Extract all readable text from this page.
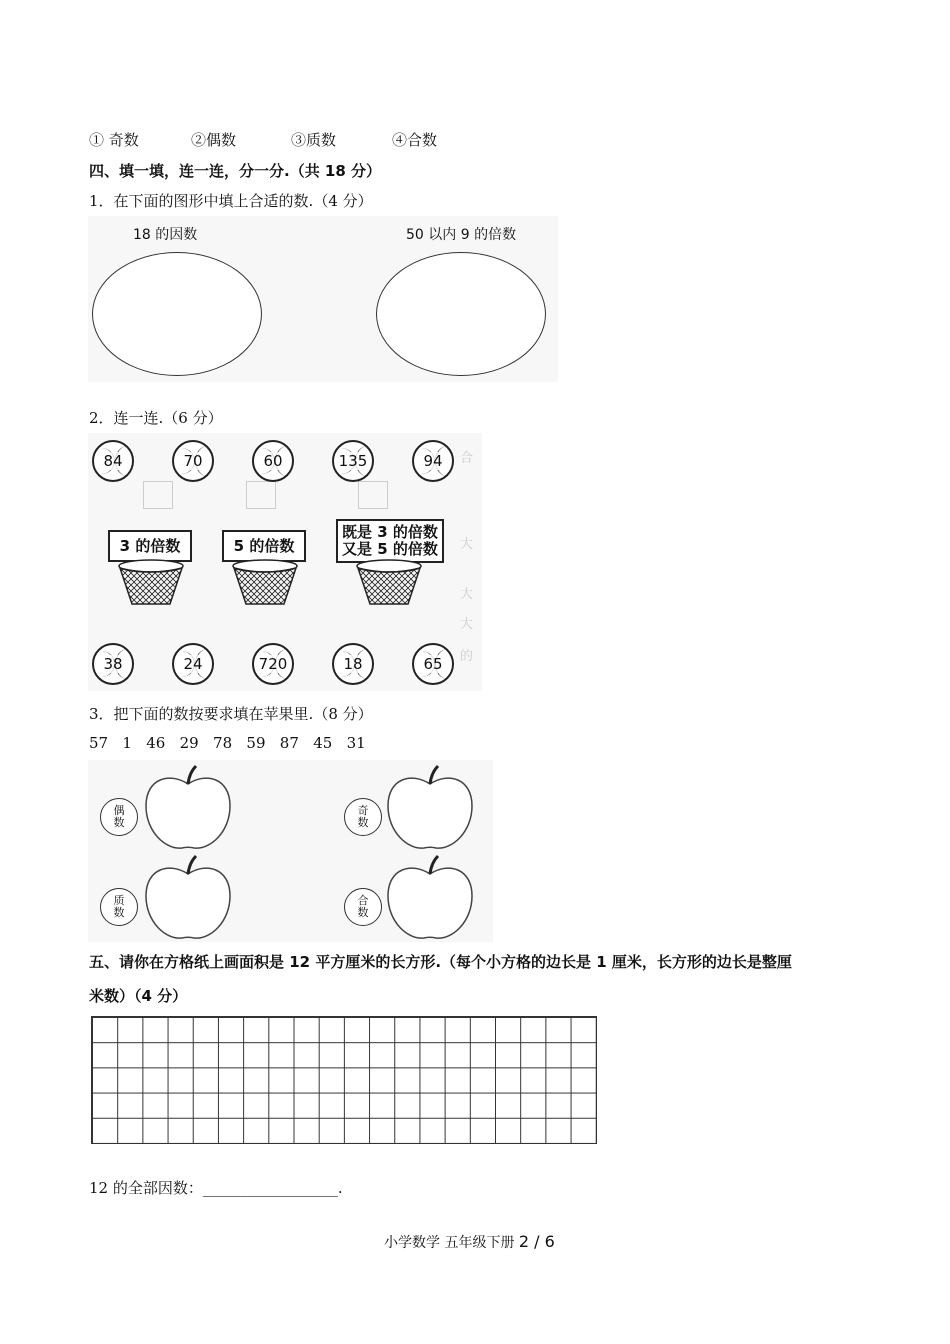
① 奇数	②偶数	③质数	④合数
四、填一填，连一连，分一分.（共 18 分）
1．在下面的图形中填上合适的数.（4 分）
18 的因数	50 以内 9 的倍数
2．连一连.（6 分）
合
大
大
大
的
84	70	60	135	94
3 的倍数	5 的倍数
既是 3 的倍数
又是 5 的倍数
38	24	720	18	65
3．把下面的数按要求填在苹果里.（8 分）
57   1   46   29   78   59   87   45   31
偶
数
奇
数
质
数
合
数
五、请你在方格纸上画面积是 12 平方厘米的长方形.（每个小方格的边长是 1 厘米，长方形的边长是整厘
米数）（4 分）
12 的全部因数：__________________.
小学数学 五年级下册 2 / 6
